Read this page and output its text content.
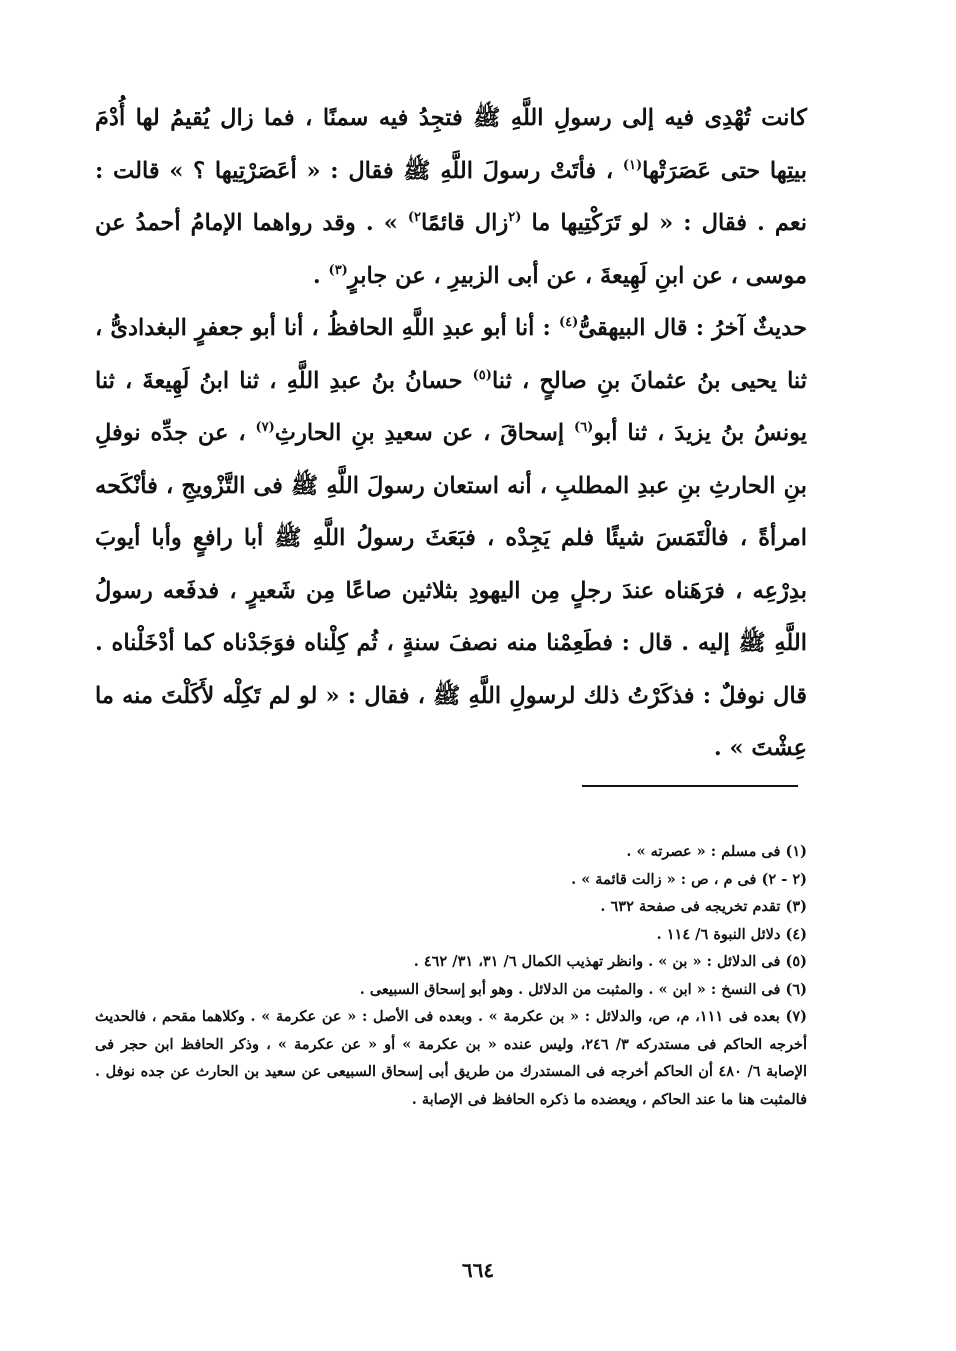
كانت تُهْدِى فيه إلى رسولِ اللَّهِ ﷺ فتجِدُ فيه سمنًا ، فما زال يُقيمُ لها أُدْمَ بيتِها حتى عَصَرَتْها$^{(١)}$ ، فأتَتْ رسولَ اللَّهِ ﷺ فقال : « أعَصَرْتِيها ؟ » قالت : نعم . فقال : « لو تَرَكْتِيها ما $^{(٢}$زال قائمًا$^{٢)}$ » . وقد رواهما الإمامُ أحمدُ عن موسى ، عن ابنِ لَهِيعةَ ، عن أبى الزبيرِ ، عن جابرٍ$^{(٣)}$ .

حديثٌ آخرُ : قال البيهقىُّ$^{(٤)}$ : أنا أبو عبدِ اللَّهِ الحافظُ ، أنا أبو جعفرٍ البغدادىُّ ، ثنا يحيى بنُ عثمانَ بنِ صالحٍ ، ثنا$^{(٥)}$ حسانُ بنُ عبدِ اللَّهِ ، ثنا ابنُ لَهِيعةَ ، ثنا يونسُ بنُ يزيدَ ، ثنا أبو$^{(٦)}$ إسحاقَ ، عن سعيدِ بنِ الحارثِ$^{(٧)}$ ، عن جدِّه نوفلِ بنِ الحارثِ بنِ عبدِ المطلبِ ، أنه استعان رسولَ اللَّهِ ﷺ فى التَّزْويجِ ، فأنْكَحه امرأةً ، فالْتَمَسَ شيئًا فلم يَجِدْه ، فبَعَثَ رسولُ اللَّهِ ﷺ أبا رافعٍ وأبا أيوبَ بدِرْعِه ، فرَهَناه عندَ رجلٍ مِن اليهودِ بثلاثين صاعًا مِن شَعيرٍ ، فدفَعه رسولُ اللَّهِ ﷺ إليه . قال : فطَعِمْنا منه نصفَ سنةٍ ، ثُم كِلْناه فوَجَدْناه كما أدْخَلْناه . قال نوفلٌ : فذكَرْتُ ذلك لرسولِ اللَّهِ ﷺ ، فقال : « لو لم تَكِلْه لأَكَلْتَ منه ما عِشْتَ » .

(١) فى مسلم : « عصرته » .

(٢ - ٢) فى م ، ص : « زالت قائمة » .

(٣) تقدم تخريجه فى صفحة ٦٣٢ .

(٤) دلائل النبوة ٦/ ١١٤ .

(٥) فى الدلائل : « بن » . وانظر تهذيب الكمال ٦/ ٣١، ٣١/ ٤٦٢ .

(٦) فى النسخ : « ابن » . والمثبت من الدلائل . وهو أبو إسحاق السبيعى .

(٧) بعده فى ١١١، م، ص، والدلائل : « بن عكرمة » . وبعده فى الأصل : « عن عكرمة » . وكلاهما مقحم ، فالحديث أخرجه الحاكم فى مستدركه ٣/ ٢٤٦، وليس عنده « بن عكرمة » أو « عن عكرمة » ، وذكر الحافظ ابن حجر فى الإصابة ٦/ ٤٨٠ أن الحاكم أخرجه فى المستدرك من طريق أبى إسحاق السبيعى عن سعيد بن الحارث عن جده نوفل . فالمثبت هنا ما عند الحاكم ، ويعضده ما ذكره الحافظ فى الإصابة .

٦٦٤
